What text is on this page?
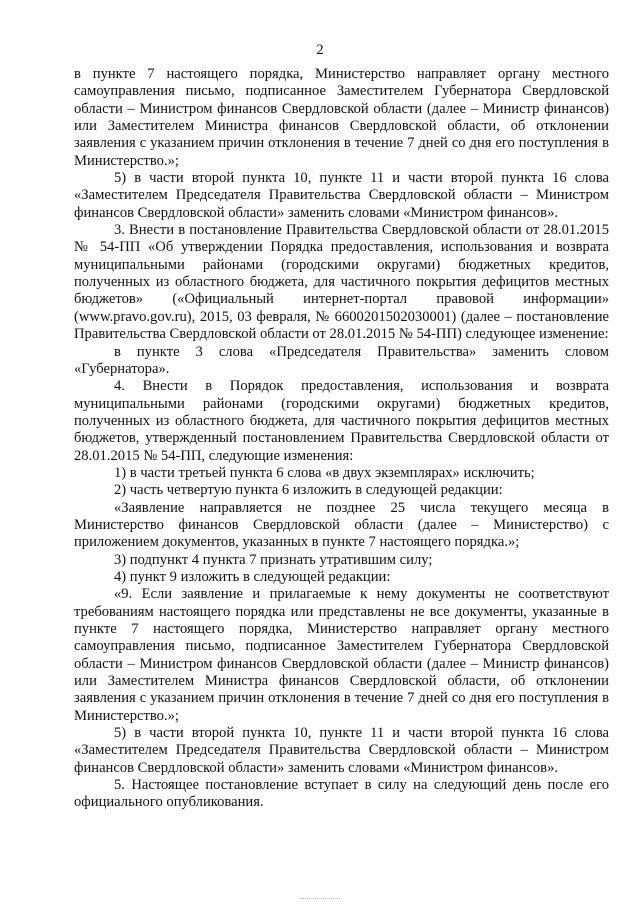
2

в пункте 7 настоящего порядка, Министерство направляет органу местного самоуправления письмо, подписанное Заместителем Губернатора Свердловской области – Министром финансов Свердловской области (далее – Министр финансов) или Заместителем Министра финансов Свердловской области, об отклонении заявления с указанием причин отклонения в течение 7 дней со дня его поступления в Министерство.»;

5) в части второй пункта 10, пункте 11 и части второй пункта 16 слова «Заместителем Председателя Правительства Свердловской области – Министром финансов Свердловской области» заменить словами «Министром финансов».

3. Внести в постановление Правительства Свердловской области от 28.01.2015 № 54-ПП «Об утверждении Порядка предоставления, использования и возврата муниципальными районами (городскими округами) бюджетных кредитов, полученных из областного бюджета, для частичного покрытия дефицитов местных бюджетов» («Официальный интернет-портал правовой информации» (www.pravo.gov.ru), 2015, 03 февраля, № 6600201502030001) (далее – постановление Правительства Свердловской области от 28.01.2015 № 54-ПП) следующее изменение:

в пункте 3 слова «Председателя Правительства» заменить словом «Губернатора».

4. Внести в Порядок предоставления, использования и возврата муниципальными районами (городскими округами) бюджетных кредитов, полученных из областного бюджета, для частичного покрытия дефицитов местных бюджетов, утвержденный постановлением Правительства Свердловской области от 28.01.2015 № 54-ПП, следующие изменения:

1) в части третьей пункта 6 слова «в двух экземплярах» исключить;

2) часть четвертую пункта 6 изложить в следующей редакции:

«Заявление направляется не позднее 25 числа текущего месяца в Министерство финансов Свердловской области (далее – Министерство) с приложением документов, указанных в пункте 7 настоящего порядка.»;

3) подпункт 4 пункта 7 признать утратившим силу;

4) пункт 9 изложить в следующей редакции:

«9. Если заявление и прилагаемые к нему документы не соответствуют требованиям настоящего порядка или представлены не все документы, указанные в пункте 7 настоящего порядка, Министерство направляет органу местного самоуправления письмо, подписанное Заместителем Губернатора Свердловской области – Министром финансов Свердловской области (далее – Министр финансов) или Заместителем Министра финансов Свердловской области, об отклонении заявления с указанием причин отклонения в течение 7 дней со дня его поступления в Министерство.»;

5) в части второй пункта 10, пункте 11 и части второй пункта 16 слова «Заместителем Председателя Правительства Свердловской области – Министром финансов Свердловской области» заменить словами «Министром финансов».

5. Настоящее постановление вступает в силу на следующий день после его официального опубликования.
